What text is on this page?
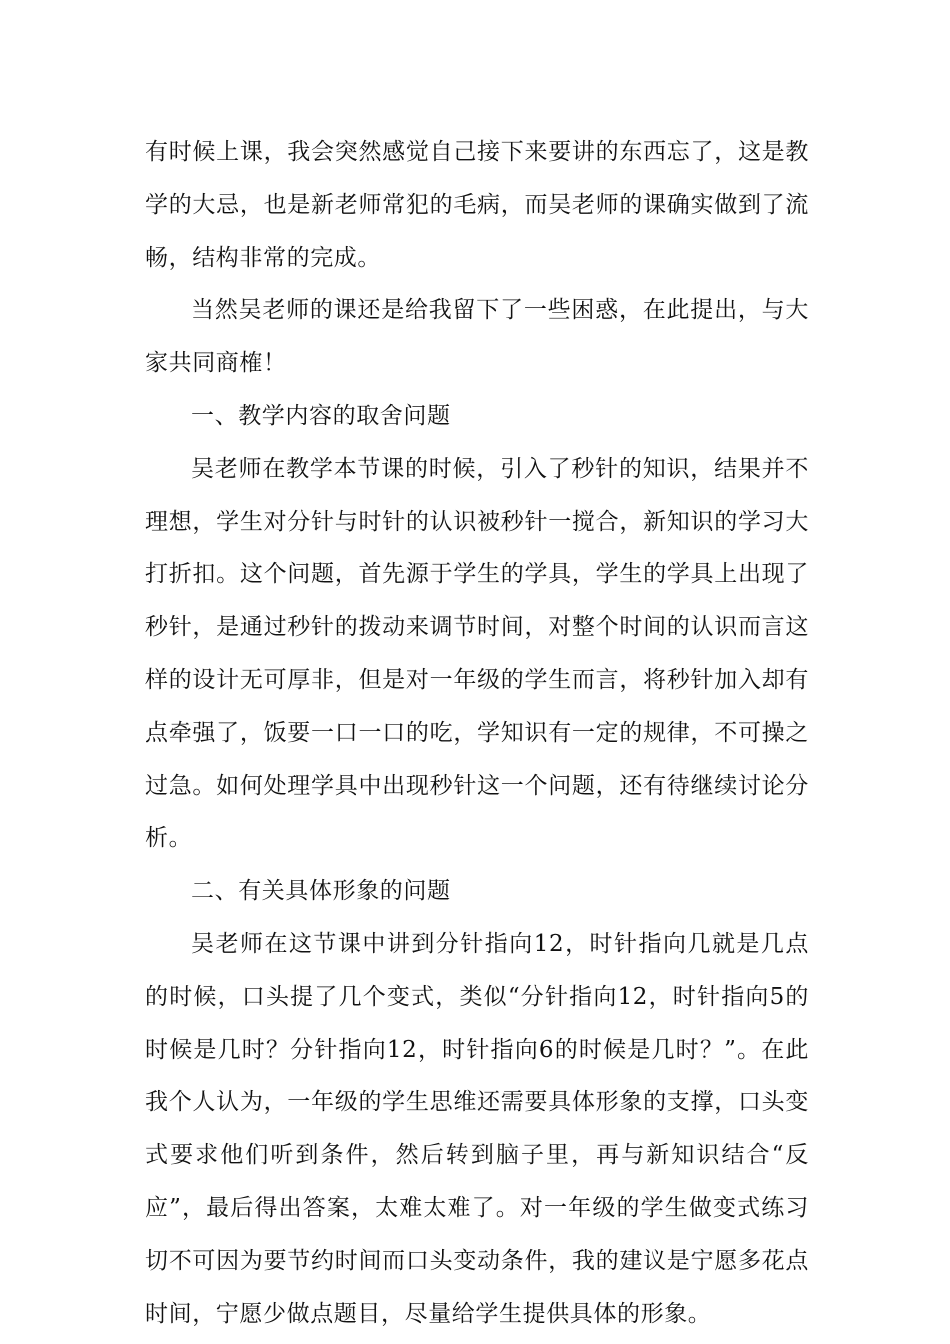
有时候上课，我会突然感觉自己接下来要讲的东西忘了，这是教学的大忌，也是新老师常犯的毛病，而吴老师的课确实做到了流畅，结构非常的完成。

当然吴老师的课还是给我留下了一些困惑，在此提出，与大家共同商榷！

一、教学内容的取舍问题

吴老师在教学本节课的时候，引入了秒针的知识，结果并不理想，学生对分针与时针的认识被秒针一搅合，新知识的学习大打折扣。这个问题，首先源于学生的学具，学生的学具上出现了秒针，是通过秒针的拨动来调节时间，对整个时间的认识而言这样的设计无可厚非，但是对一年级的学生而言，将秒针加入却有点牵强了，饭要一口一口的吃，学知识有一定的规律，不可操之过急。如何处理学具中出现秒针这一个问题，还有待继续讨论分析。

二、有关具体形象的问题

吴老师在这节课中讲到分针指向12，时针指向几就是几点的时候，口头提了几个变式，类似“分针指向12，时针指向5的时候是几时？分针指向12，时针指向6的时候是几时？”。在此我个人认为，一年级的学生思维还需要具体形象的支撑，口头变式要求他们听到条件，然后转到脑子里，再与新知识结合“反应”，最后得出答案，太难太难了。对一年级的学生做变式练习切不可因为要节约时间而口头变动条件，我的建议是宁愿多花点时间，宁愿少做点题目，尽量给学生提供具体的形象。
